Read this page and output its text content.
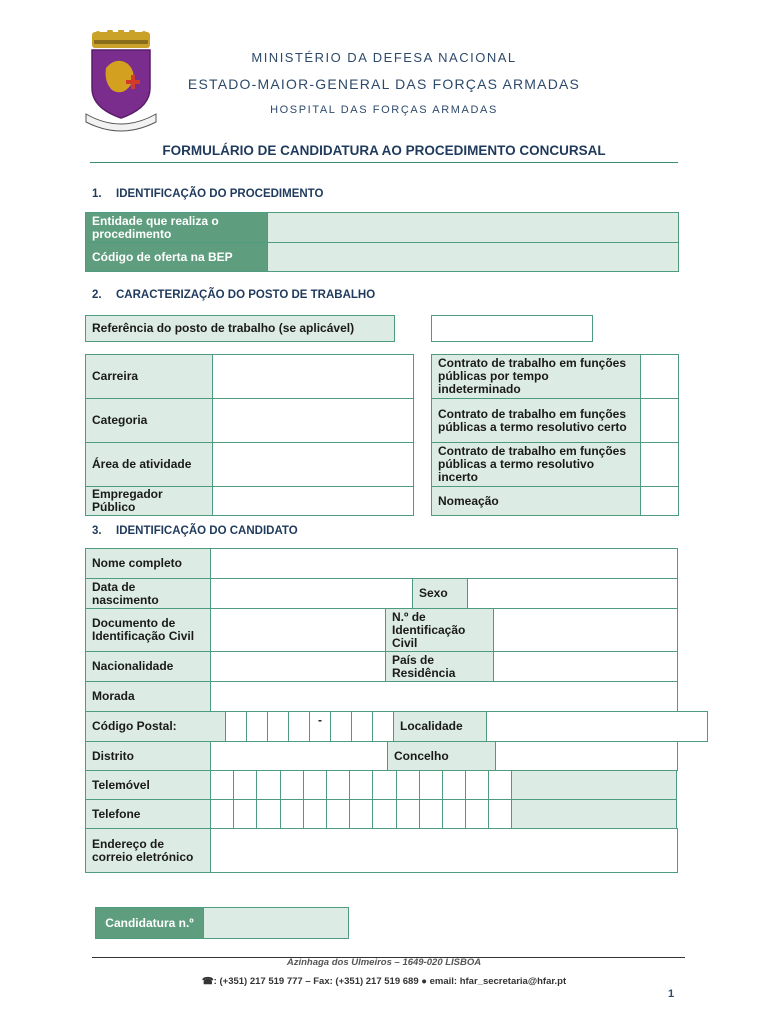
MINISTÉRIO DA DEFESA NACIONAL
ESTADO-MAIOR-GENERAL DAS FORÇAS ARMADAS
HOSPITAL DAS FORÇAS ARMADAS
FORMULÁRIO DE CANDIDATURA AO PROCEDIMENTO CONCURSAL
1. IDENTIFICAÇÃO DO PROCEDIMENTO
Entidade que realiza o procedimento	
Código de oferta na BEP	
2. CARACTERIZAÇÃO DO POSTO DE TRABALHO
Referência do posto de trabalho (se aplicável)
Carreira	
Categoria	
Área de atividade	
Empregador Público	
Contrato de trabalho em funções públicas por tempo indeterminado	
Contrato de trabalho em funções públicas a termo resolutivo certo	
Contrato de trabalho em funções públicas a termo resolutivo incerto	
Nomeação	
3. IDENTIFICAÇÃO DO CANDIDATO
Nome completo	
Data de nascimento		Sexo	
Documento de Identificação Civil		N.º de Identificação Civil	
Nacionalidade		País de Residência	
Morada	
Código Postal:					-				Localidade	
Distrito		Concelho	
Telemóvel														
Telefone														
Endereço de correio eletrónico	
Candidatura n.º	
Azinhaga dos Ulmeiros – 1649-020 LISBOA
☎: (+351) 217 519 777 – Fax: (+351) 217 519 689 ● email: hfar_secretaria@hfar.pt
1
